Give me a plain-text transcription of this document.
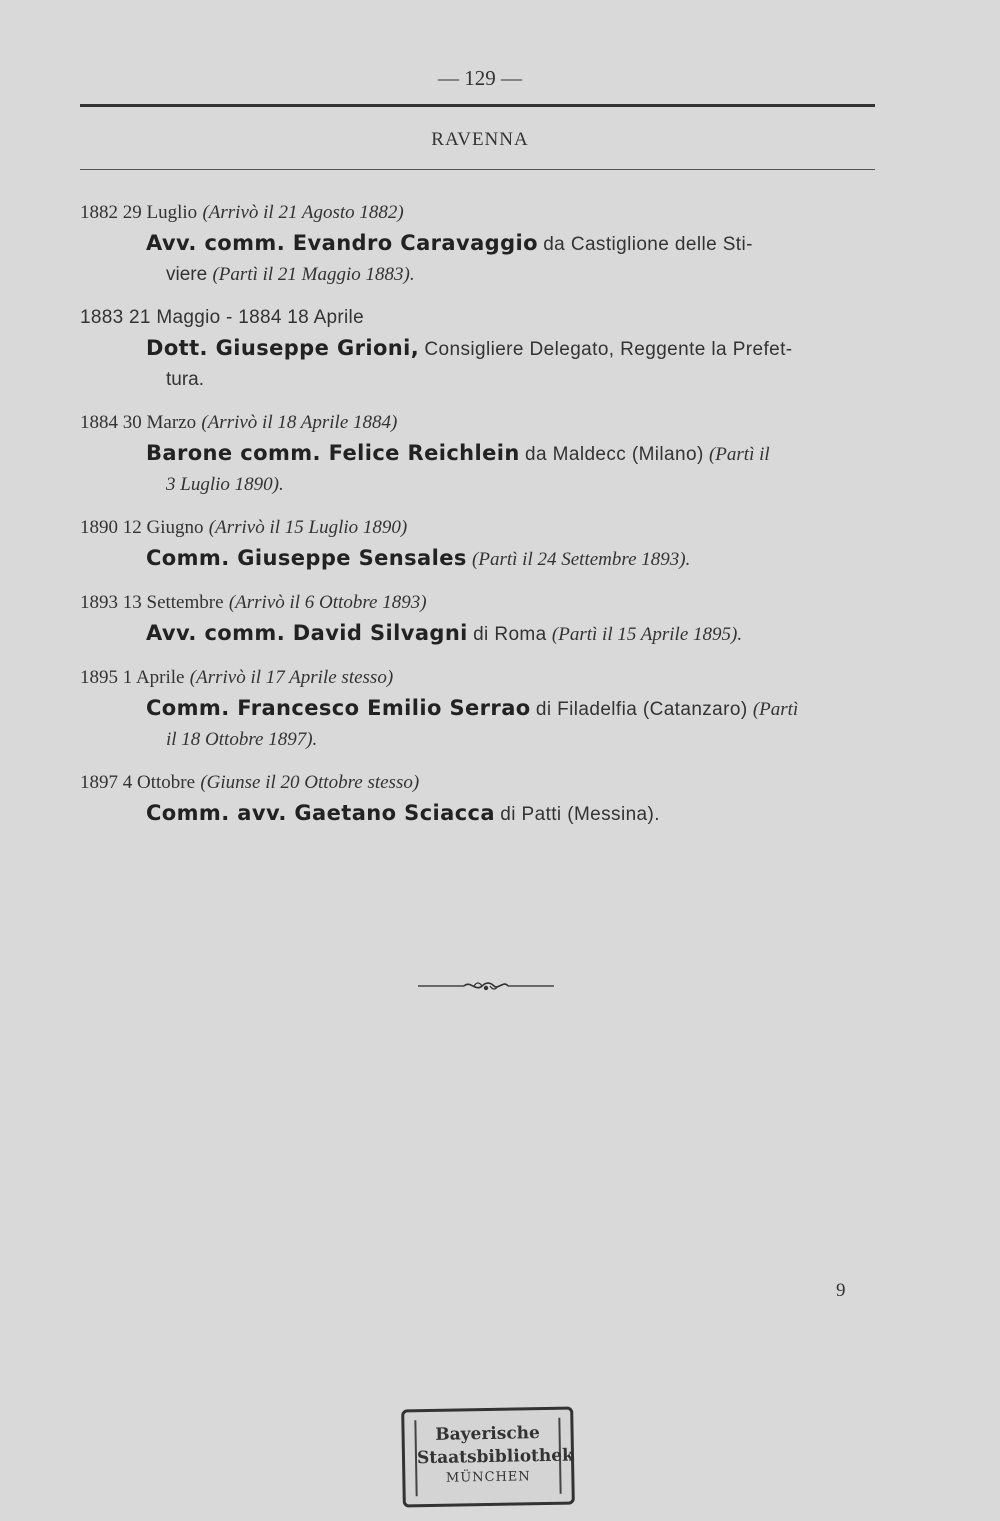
— 129 —
RAVENNA
1882 29 Luglio (Arrivò il 21 Agosto 1882)
Avv. comm. Evandro Caravaggio da Castiglione delle Sti-
viere (Partì il 21 Maggio 1883).
1883 21 Maggio - 1884 18 Aprile
Dott. Giuseppe Grioni, Consigliere Delegato, Reggente la Prefet-
tura.
1884 30 Marzo (Arrivò il 18 Aprile 1884)
Barone comm. Felice Reichlein da Maldecc (Milano) (Partì il
3 Luglio 1890).
1890 12 Giugno (Arrivò il 15 Luglio 1890)
Comm. Giuseppe Sensales (Partì il 24 Settembre 1893).
1893 13 Settembre (Arrivò il 6 Ottobre 1893)
Avv. comm. David Silvagni di Roma (Partì il 15 Aprile 1895).
1895 1 Aprile (Arrivò il 17 Aprile stesso)
Comm. Francesco Emilio Serrao di Filadelfia (Catanzaro) (Partì
il 18 Ottobre 1897).
1897 4 Ottobre (Giunse il 20 Ottobre stesso)
Comm. avv. Gaetano Sciacca di Patti (Messina).
9
Bayerische
Staatsbibliothek
MÜNCHEN
